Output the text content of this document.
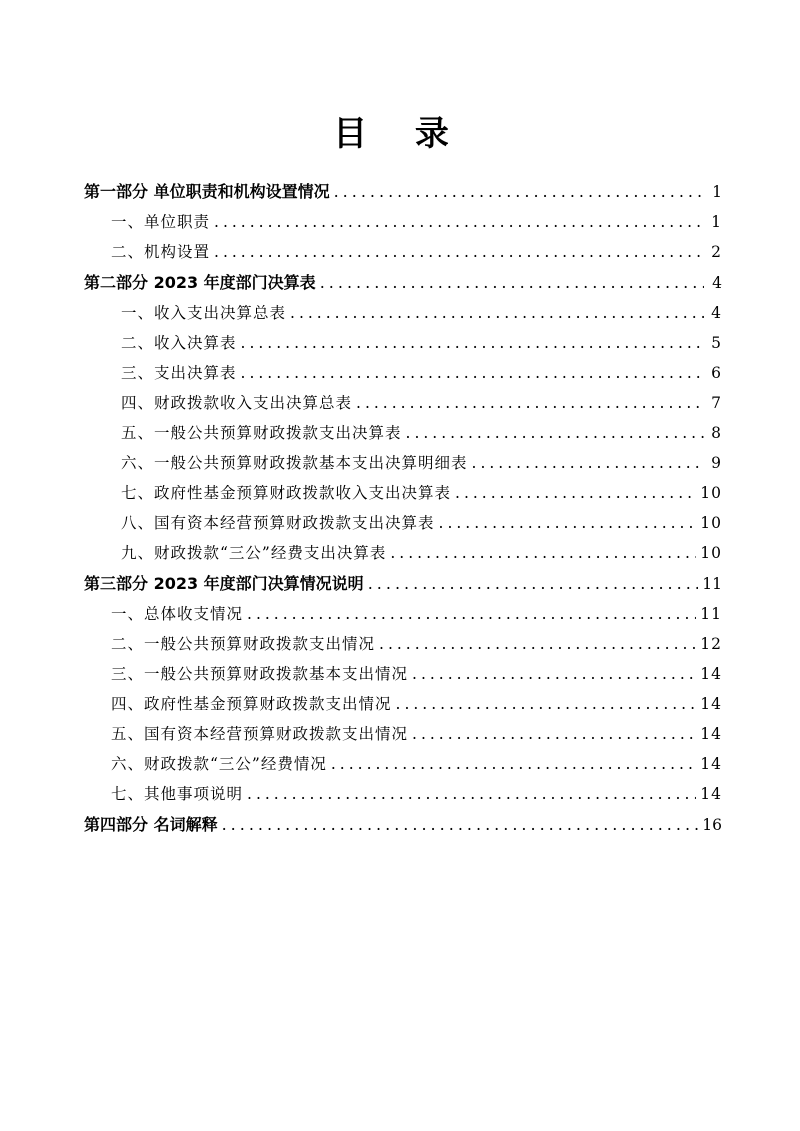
目 录
第一部分 单位职责和机构设置情况 .....	1
一、单位职责 .....	1
二、机构设置 .....	2
第二部分 2023 年度部门决算表 .....	4
一、收入支出决算总表 .....	4
二、收入决算表 .....	5
三、支出决算表 .....	6
四、财政拨款收入支出决算总表 .....	7
五、一般公共预算财政拨款支出决算表 .....	8
六、一般公共预算财政拨款基本支出决算明细表 .....	9
七、政府性基金预算财政拨款收入支出决算表 .....	10
八、国有资本经营预算财政拨款支出决算表 .....	10
九、财政拨款“三公”经费支出决算表 .....	10
第三部分 2023 年度部门决算情况说明 .....	11
一、总体收支情况 .....	11
二、一般公共预算财政拨款支出情况 .....	12
三、一般公共预算财政拨款基本支出情况 .....	14
四、政府性基金预算财政拨款支出情况 .....	14
五、国有资本经营预算财政拨款支出情况 .....	14
六、财政拨款“三公”经费情况 .....	14
七、其他事项说明 .....	14
第四部分 名词解释 .....	16
